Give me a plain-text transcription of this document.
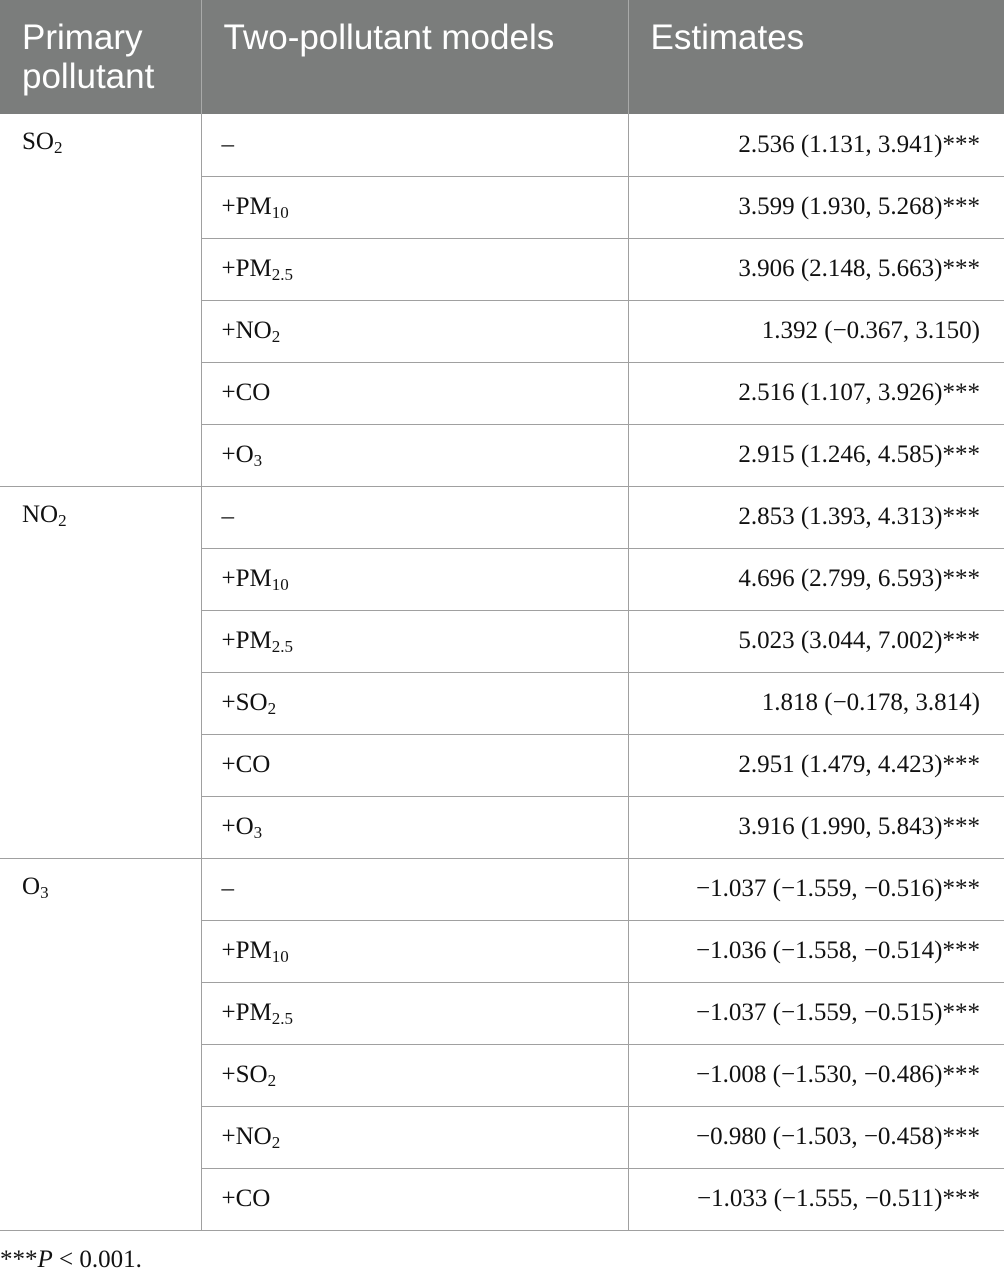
Primary
pollutant	Two-pollutant models	Estimates
$SO_2$	–	2.536 (1.131, 3.941)***
	$+PM_{10}$	3.599 (1.930, 5.268)***
	$+PM_{2.5}$	3.906 (2.148, 5.663)***
	$+NO_2$	1.392 (−0.367, 3.150)
	+CO	2.516 (1.107, 3.926)***
	$+O_3$	2.915 (1.246, 4.585)***
$NO_2$	–	2.853 (1.393, 4.313)***
	$+PM_{10}$	4.696 (2.799, 6.593)***
	$+PM_{2.5}$	5.023 (3.044, 7.002)***
	$+SO_2$	1.818 (−0.178, 3.814)
	+CO	2.951 (1.479, 4.423)***
	$+O_3$	3.916 (1.990, 5.843)***
$O_3$	–	−1.037 (−1.559, −0.516)***
	$+PM_{10}$	−1.036 (−1.558, −0.514)***
	$+PM_{2.5}$	−1.037 (−1.559, −0.515)***
	$+SO_2$	−1.008 (−1.530, −0.486)***
	$+NO_2$	−0.980 (−1.503, −0.458)***
	+CO	−1.033 (−1.555, −0.511)***
***P < 0.001.
